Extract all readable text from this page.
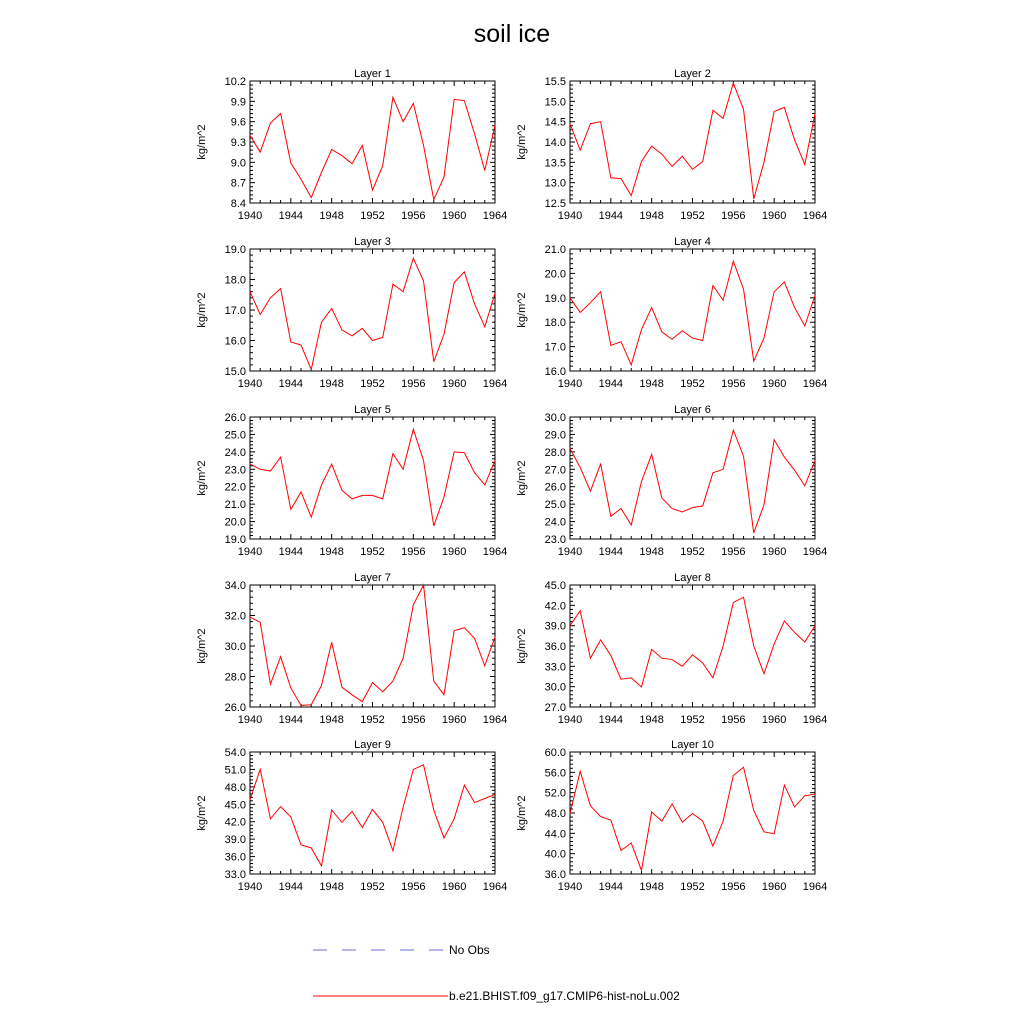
soil ice
Layer 1
1940 1944 1948 1952 1956 1960 1964
8.4
8.7
9.0
9.3
9.6
9.9
10.2
kg/m^2
Layer 2
1940 1944 1948 1952 1956 1960 1964
12.5
13.0
13.5
14.0
14.5
15.0
15.5
kg/m^2
Layer 3
1940 1944 1948 1952 1956 1960 1964
15.0
16.0
17.0
18.0
19.0
kg/m^2
Layer 4
1940 1944 1948 1952 1956 1960 1964
16.0
17.0
18.0
19.0
20.0
21.0
kg/m^2
Layer 5
1940 1944 1948 1952 1956 1960 1964
19.0
20.0
21.0
22.0
23.0
24.0
25.0
26.0
kg/m^2
Layer 6
1940 1944 1948 1952 1956 1960 1964
23.0
24.0
25.0
26.0
27.0
28.0
29.0
30.0
kg/m^2
Layer 7
1940 1944 1948 1952 1956 1960 1964
26.0
28.0
30.0
32.0
34.0
kg/m^2
Layer 8
1940 1944 1948 1952 1956 1960 1964
27.0
30.0
33.0
36.0
39.0
42.0
45.0
kg/m^2
Layer 9
1940 1944 1948 1952 1956 1960 1964
33.0
36.0
39.0
42.0
45.0
48.0
51.0
54.0
kg/m^2
Layer 10
1940 1944 1948 1952 1956 1960 1964
36.0
40.0
44.0
48.0
52.0
56.0
60.0
kg/m^2
No Obs
b.e21.BHIST.f09_g17.CMIP6-hist-noLu.002
